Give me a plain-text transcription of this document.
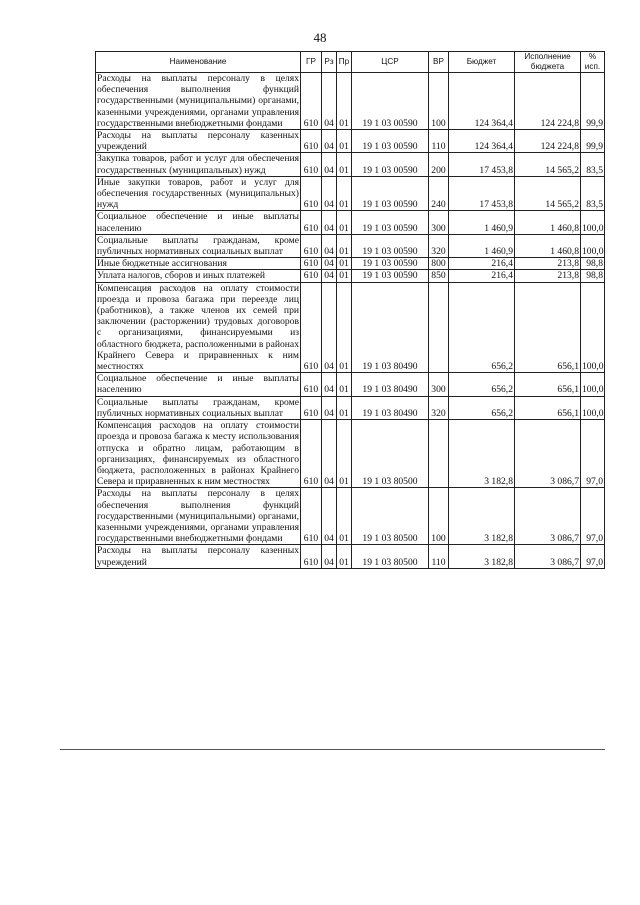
48
Наименование	ГР	Рз	Пр	ЦСР	ВР	Бюджет	Исполнение бюджета	% исп.
Расходы на выплаты персоналу в целях обеспечения выполнения функций государственными (муниципальными) органами, казенными учреждениями, органами управления государственными внебюджетными фондами	610	04	01	19 1 03 00590	100	124 364,4	124 224,8	99,9
Расходы на выплаты персоналу казенных учреждений	610	04	01	19 1 03 00590	110	124 364,4	124 224,8	99,9
Закупка товаров, работ и услуг для обеспечения государственных (муниципальных) нужд	610	04	01	19 1 03 00590	200	17 453,8	14 565,2	83,5
Иные закупки товаров, работ и услуг для обеспечения государственных (муниципальных) нужд	610	04	01	19 1 03 00590	240	17 453,8	14 565,2	83,5
Социальное обеспечение и иные выплаты населению	610	04	01	19 1 03 00590	300	1 460,9	1 460,8	100,0
Социальные выплаты гражданам, кроме публичных нормативных социальных выплат	610	04	01	19 1 03 00590	320	1 460,9	1 460,8	100,0
Иные бюджетные ассигнования	610	04	01	19 1 03 00590	800	216,4	213,8	98,8
Уплата налогов, сборов и иных платежей	610	04	01	19 1 03 00590	850	216,4	213,8	98,8
Компенсация расходов на оплату стоимости проезда и провоза багажа при переезде лиц (работников), а также членов их семей при заключении (расторжении) трудовых договоров с организациями, финансируемыми из областного бюджета, расположенными в районах Крайнего Севера и приравненных к ним местностях	610	04	01	19 1 03 80490		656,2	656,1	100,0
Социальное обеспечение и иные выплаты населению	610	04	01	19 1 03 80490	300	656,2	656,1	100,0
Социальные выплаты гражданам, кроме публичных нормативных социальных выплат	610	04	01	19 1 03 80490	320	656,2	656,1	100,0
Компенсация расходов на оплату стоимости проезда и провоза багажа к месту использования отпуска и обратно лицам, работающим в организациях, финансируемых из областного бюджета, расположенных в районах Крайнего Севера и приравненных к ним местностях	610	04	01	19 1 03 80500		3 182,8	3 086,7	97,0
Расходы на выплаты персоналу в целях обеспечения выполнения функций государственными (муниципальными) органами, казенными учреждениями, органами управления государственными внебюджетными фондами	610	04	01	19 1 03 80500	100	3 182,8	3 086,7	97,0
Расходы на выплаты персоналу казенных учреждений	610	04	01	19 1 03 80500	110	3 182,8	3 086,7	97,0
